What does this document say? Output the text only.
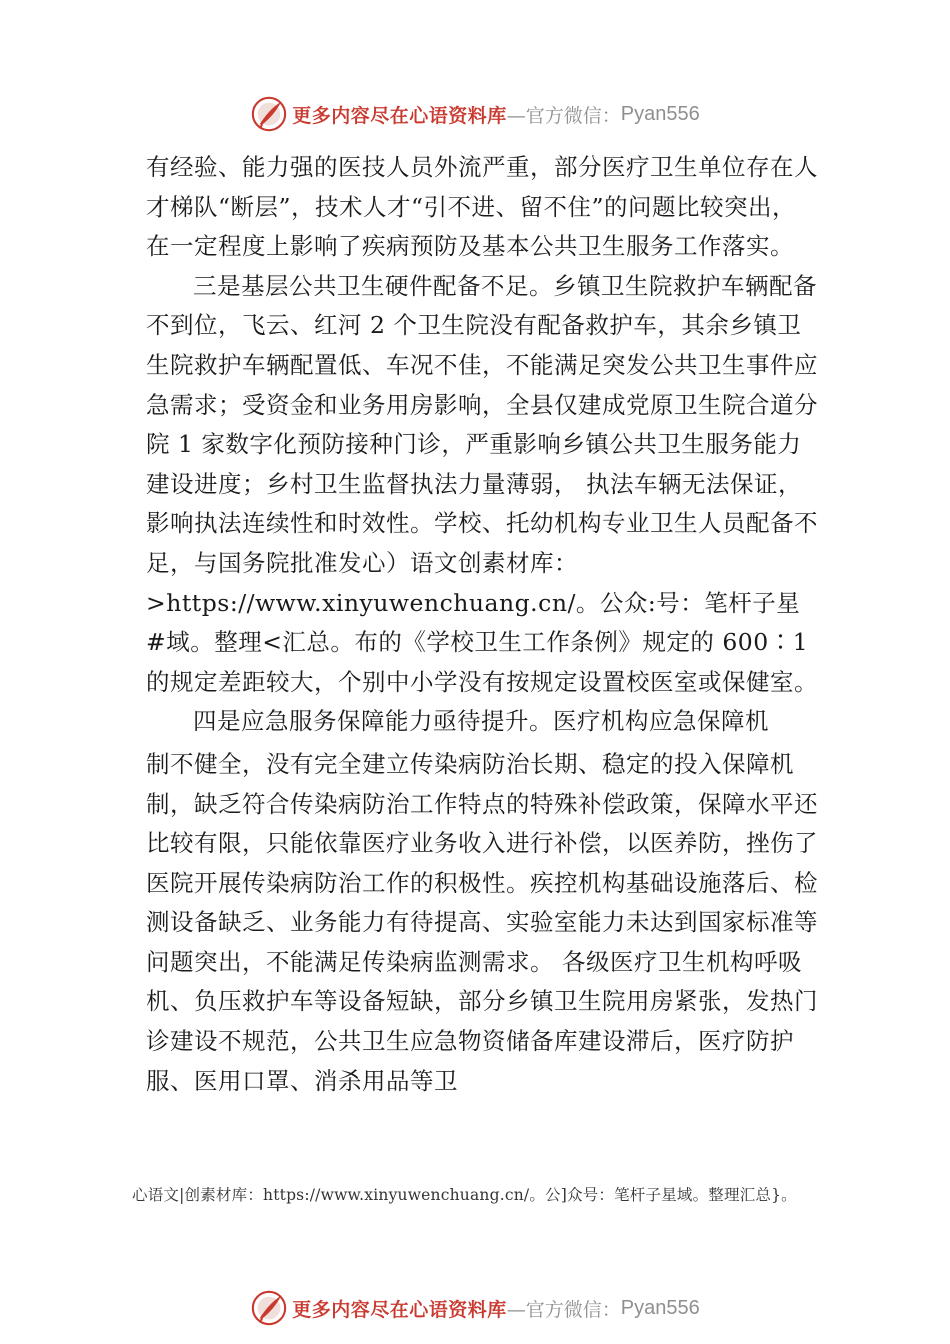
更多内容尽在心语资料库 —官方微信： Pyan556

有经验、能力强的医技人员外流严重，部分医疗卫生单位存在人才梯队“断层”，技术人才“引不进、留不住”的问题比较突出，在一定程度上影响了疾病预防及基本公共卫生服务工作落实。

三是基层公共卫生硬件配备不足。乡镇卫生院救护车辆配备不到位，飞云、红河 2 个卫生院没有配备救护车，其余乡镇卫生院救护车辆配置低、车况不佳，不能满足突发公共卫生事件应急需求；受资金和业务用房影响，全县仅建成党原卫生院合道分院 1 家数字化预防接种门诊，严重影响乡镇公共卫生服务能力建设进度；乡村卫生监督执法力量薄弱， 执法车辆无法保证，影响执法连续性和时效性。学校、托幼机构专业卫生人员配备不足，与国务院批准发心）语文创素材库：>https://www.xinyuwenchuang.cn/。公众:号：笔杆子星#域。整理<汇总。布的《学校卫生工作条例》规定的 600∶1 的规定差距较大，个别中小学没有按规定设置校医室或保健室。

四是应急服务保障能力亟待提升。医疗机构应急保障机

制不健全，没有完全建立传染病防治长期、稳定的投入保障机制，缺乏符合传染病防治工作特点的特殊补偿政策，保障水平还比较有限，只能依靠医疗业务收入进行补偿，以医养防，挫伤了医院开展传染病防治工作的积极性。疾控机构基础设施落后、检测设备缺乏、业务能力有待提高、实验室能力未达到国家标准等问题突出，不能满足传染病监测需求。 各级医疗卫生机构呼吸机、负压救护车等设备短缺，部分乡镇卫生院用房紧张，发热门诊建设不规范，公共卫生应急物资储备库建设滞后，医疗防护服、医用口罩、消杀用品等卫

心语文|创素材库：https://www.xinyuwenchuang.cn/。公]众号：笔杆子星域。整理汇总}。
更多内容尽在心语资料库 —官方微信： Pyan556
